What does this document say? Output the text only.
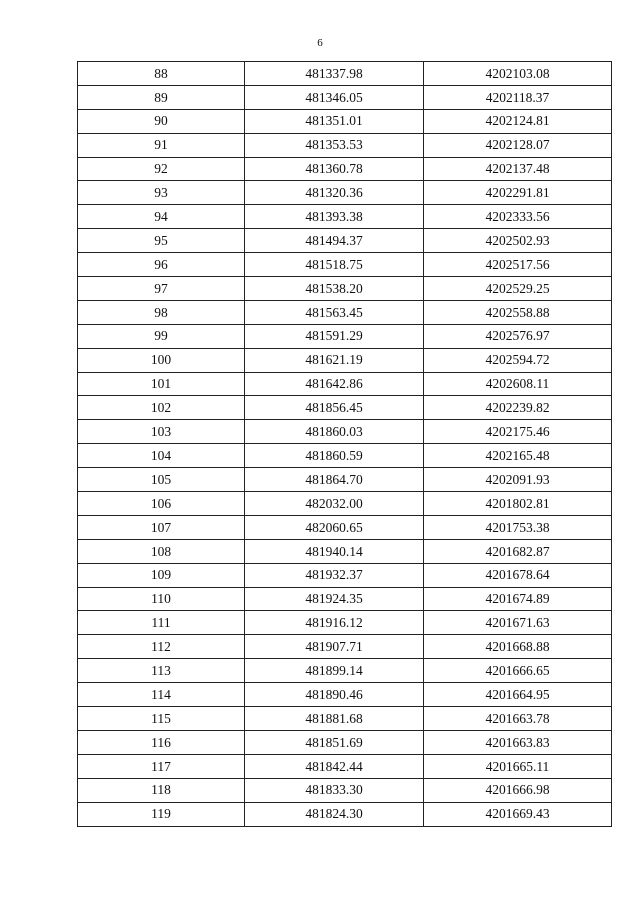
6
88	481337.98	4202103.08
89	481346.05	4202118.37
90	481351.01	4202124.81
91	481353.53	4202128.07
92	481360.78	4202137.48
93	481320.36	4202291.81
94	481393.38	4202333.56
95	481494.37	4202502.93
96	481518.75	4202517.56
97	481538.20	4202529.25
98	481563.45	4202558.88
99	481591.29	4202576.97
100	481621.19	4202594.72
101	481642.86	4202608.11
102	481856.45	4202239.82
103	481860.03	4202175.46
104	481860.59	4202165.48
105	481864.70	4202091.93
106	482032.00	4201802.81
107	482060.65	4201753.38
108	481940.14	4201682.87
109	481932.37	4201678.64
110	481924.35	4201674.89
111	481916.12	4201671.63
112	481907.71	4201668.88
113	481899.14	4201666.65
114	481890.46	4201664.95
115	481881.68	4201663.78
116	481851.69	4201663.83
117	481842.44	4201665.11
118	481833.30	4201666.98
119	481824.30	4201669.43
